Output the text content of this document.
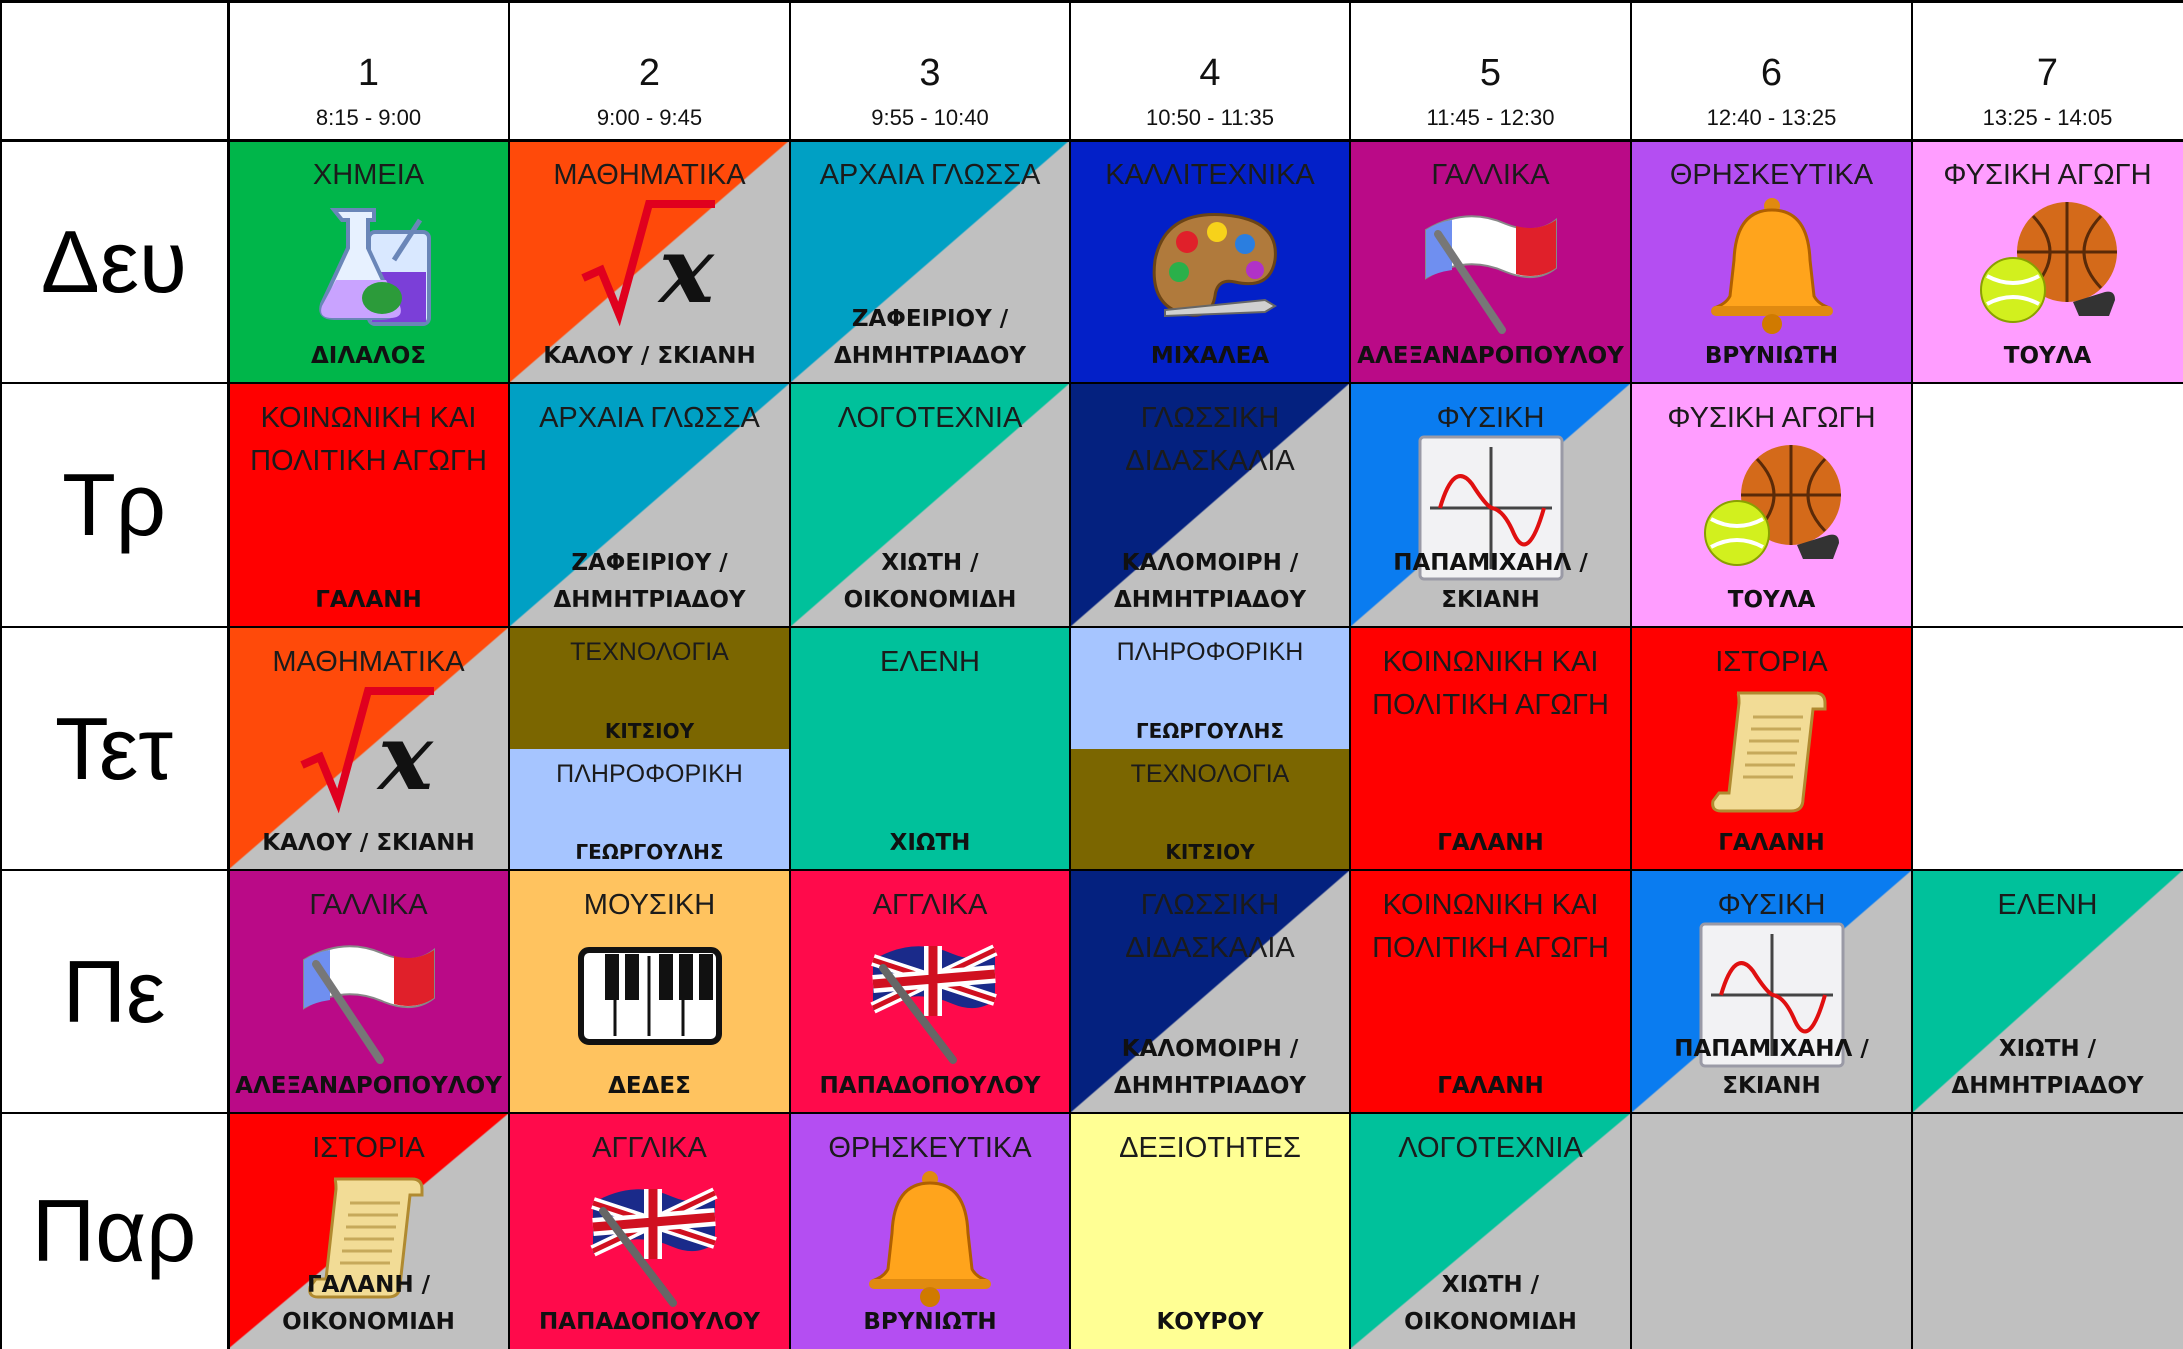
1
8:15 - 9:00
2
9:00 - 9:45
3
9:55 - 10:40
4
10:50 - 11:35
5
11:45 - 12:30
6
12:40 - 13:25
7
13:25 - 14:05
Δευ
Τρ
Τετ
Πε
Παρ
ΧΗΜΕΙΑ
ΔΙΛΑΛΟΣ
x
ΜΑΘΗΜΑΤΙΚΑ
ΚΑΛΟΥ / ΣΚΙΑΝΗ
ΑΡΧΑΙΑ ΓΛΩΣΣΑ
ΖΑΦΕΙΡΙΟΥ /
ΔΗΜΗΤΡΙΑΔΟΥ
ΚΑΛΛΙΤΕΧΝΙΚΑ
ΜΙΧΑΛΕΑ
ΓΑΛΛΙΚΑ
ΑΛΕΞΑΝΔΡΟΠΟΥΛΟΥ
ΘΡΗΣΚΕΥΤΙΚΑ
ΒΡΥΝΙΩΤΗ
ΦΥΣΙΚΗ ΑΓΩΓΗ
ΤΟΥΛΑ
ΚΟΙΝΩΝΙΚΗ ΚΑΙ
ΠΟΛΙΤΙΚΗ ΑΓΩΓΗ
ΓΑΛΑΝΗ
ΑΡΧΑΙΑ ΓΛΩΣΣΑ
ΖΑΦΕΙΡΙΟΥ /
ΔΗΜΗΤΡΙΑΔΟΥ
ΛΟΓΟΤΕΧΝΙΑ
ΧΙΩΤΗ /
ΟΙΚΟΝΟΜΙΔΗ
ΓΛΩΣΣΙΚΗ
ΔΙΔΑΣΚΑΛΙΑ
ΚΑΛΟΜΟΙΡΗ /
ΔΗΜΗΤΡΙΑΔΟΥ
ΦΥΣΙΚΗ
ΠΑΠΑΜΙΧΑΗΛ /
ΣΚΙΑΝΗ
ΦΥΣΙΚΗ ΑΓΩΓΗ
ΤΟΥΛΑ
x
ΜΑΘΗΜΑΤΙΚΑ
ΚΑΛΟΥ / ΣΚΙΑΝΗ
ΤΕΧΝΟΛΟΓΙΑ
ΚΙΤΣΙΟΥ
ΠΛΗΡΟΦΟΡΙΚΗ
ΓΕΩΡΓΟΥΛΗΣ
ΕΛΕΝΗ
ΧΙΩΤΗ
ΠΛΗΡΟΦΟΡΙΚΗ
ΓΕΩΡΓΟΥΛΗΣ
ΤΕΧΝΟΛΟΓΙΑ
ΚΙΤΣΙΟΥ
ΚΟΙΝΩΝΙΚΗ ΚΑΙ
ΠΟΛΙΤΙΚΗ ΑΓΩΓΗ
ΓΑΛΑΝΗ
ΙΣΤΟΡΙΑ
ΓΑΛΑΝΗ
ΓΑΛΛΙΚΑ
ΑΛΕΞΑΝΔΡΟΠΟΥΛΟΥ
ΜΟΥΣΙΚΗ
ΔΕΔΕΣ
ΑΓΓΛΙΚΑ
ΠΑΠΑΔΟΠΟΥΛΟΥ
ΓΛΩΣΣΙΚΗ
ΔΙΔΑΣΚΑΛΙΑ
ΚΑΛΟΜΟΙΡΗ /
ΔΗΜΗΤΡΙΑΔΟΥ
ΚΟΙΝΩΝΙΚΗ ΚΑΙ
ΠΟΛΙΤΙΚΗ ΑΓΩΓΗ
ΓΑΛΑΝΗ
ΦΥΣΙΚΗ
ΠΑΠΑΜΙΧΑΗΛ /
ΣΚΙΑΝΗ
ΕΛΕΝΗ
ΧΙΩΤΗ /
ΔΗΜΗΤΡΙΑΔΟΥ
ΙΣΤΟΡΙΑ
ΓΑΛΑΝΗ /
ΟΙΚΟΝΟΜΙΔΗ
ΑΓΓΛΙΚΑ
ΠΑΠΑΔΟΠΟΥΛΟΥ
ΘΡΗΣΚΕΥΤΙΚΑ
ΒΡΥΝΙΩΤΗ
ΔΕΞΙΟΤΗΤΕΣ
ΚΟΥΡΟΥ
ΛΟΓΟΤΕΧΝΙΑ
ΧΙΩΤΗ /
ΟΙΚΟΝΟΜΙΔΗ
